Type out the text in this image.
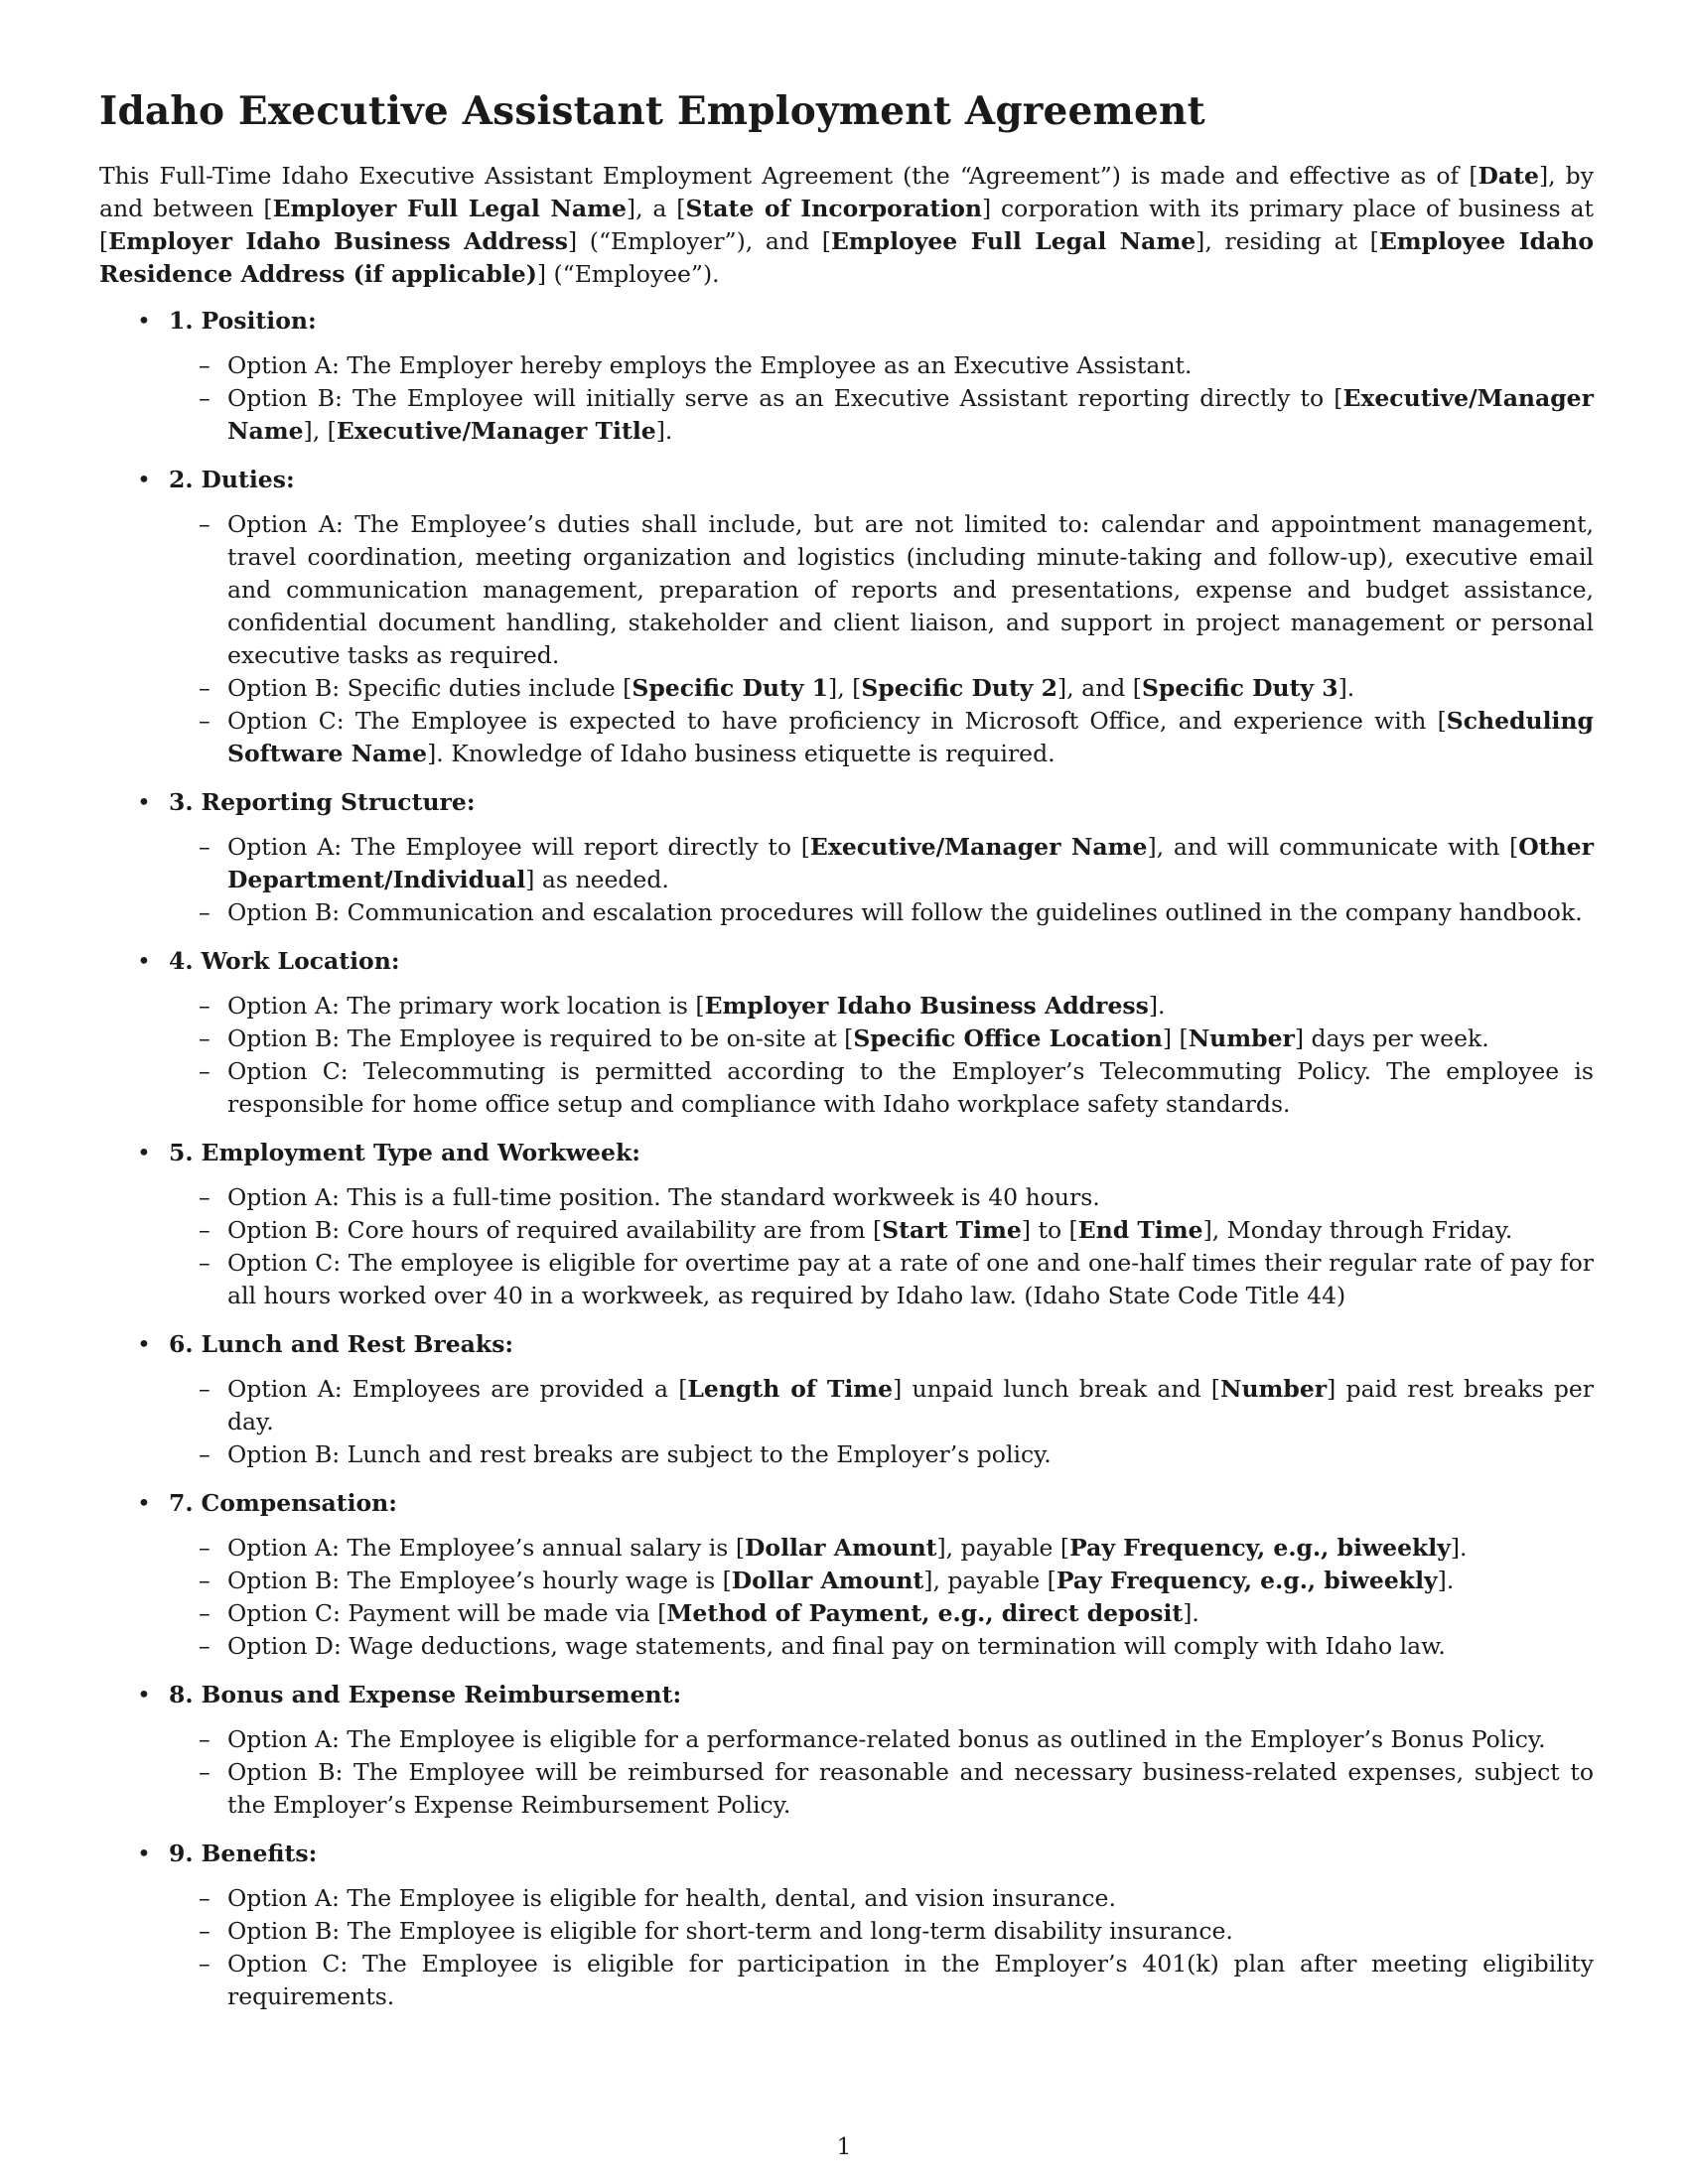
Idaho Executive Assistant Employment Agreement

This Full-Time Idaho Executive Assistant Employment Agreement (the “Agreement”) is made and effective as of [Date], by and between [Employer Full Legal Name], a [State of Incorporation] corporation with its primary place of business at [Employer Idaho Business Address] (“Employer”), and [Employee Full Legal Name], residing at [Employee Idaho Residence Address (if applicable)] (“Employee”).

• 1. Position:
– Option A: The Employer hereby employs the Employee as an Executive Assistant.
– Option B: The Employee will initially serve as an Executive Assistant reporting directly to [Executive/Manager Name], [Executive/Manager Title].
• 2. Duties:
– Option A: The Employee’s duties shall include, but are not limited to: calendar and appointment management, travel coordination, meeting organization and logistics (including minute-taking and follow-up), executive email and communication management, preparation of reports and presentations, expense and budget assistance, confidential document handling, stakeholder and client liaison, and support in project management or personal executive tasks as required.
– Option B: Specific duties include [Specific Duty 1], [Specific Duty 2], and [Specific Duty 3].
– Option C: The Employee is expected to have proficiency in Microsoft Office, and experience with [Scheduling Software Name]. Knowledge of Idaho business etiquette is required.
• 3. Reporting Structure:
– Option A: The Employee will report directly to [Executive/Manager Name], and will communicate with [Other Department/Individual] as needed.
– Option B: Communication and escalation procedures will follow the guidelines outlined in the company handbook.
• 4. Work Location:
– Option A: The primary work location is [Employer Idaho Business Address].
– Option B: The Employee is required to be on-site at [Specific Office Location] [Number] days per week.
– Option C: Telecommuting is permitted according to the Employer’s Telecommuting Policy. The employee is responsible for home office setup and compliance with Idaho workplace safety standards.
• 5. Employment Type and Workweek:
– Option A: This is a full-time position. The standard workweek is 40 hours.
– Option B: Core hours of required availability are from [Start Time] to [End Time], Monday through Friday.
– Option C: The employee is eligible for overtime pay at a rate of one and one-half times their regular rate of pay for all hours worked over 40 in a workweek, as required by Idaho law. (Idaho State Code Title 44)
• 6. Lunch and Rest Breaks:
– Option A: Employees are provided a [Length of Time] unpaid lunch break and [Number] paid rest breaks per day.
– Option B: Lunch and rest breaks are subject to the Employer’s policy.
• 7. Compensation:
– Option A: The Employee’s annual salary is [Dollar Amount], payable [Pay Frequency, e.g., biweekly].
– Option B: The Employee’s hourly wage is [Dollar Amount], payable [Pay Frequency, e.g., biweekly].
– Option C: Payment will be made via [Method of Payment, e.g., direct deposit].
– Option D: Wage deductions, wage statements, and final pay on termination will comply with Idaho law.
• 8. Bonus and Expense Reimbursement:
– Option A: The Employee is eligible for a performance-related bonus as outlined in the Employer’s Bonus Policy.
– Option B: The Employee will be reimbursed for reasonable and necessary business-related expenses, subject to the Employer’s Expense Reimbursement Policy.
• 9. Benefits:
– Option A: The Employee is eligible for health, dental, and vision insurance.
– Option B: The Employee is eligible for short-term and long-term disability insurance.
– Option C: The Employee is eligible for participation in the Employer’s 401(k) plan after meeting eligibility requirements.
1
